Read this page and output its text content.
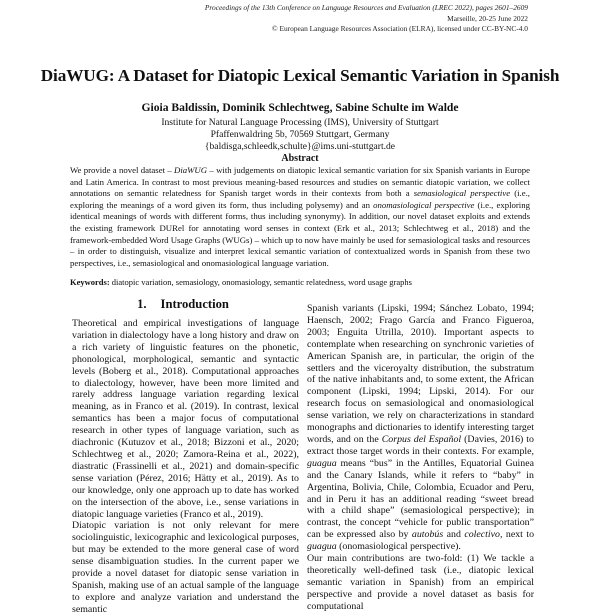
Proceedings of the 13th Conference on Language Resources and Evaluation (LREC 2022), pages 2601–2609
Marseille, 20-25 June 2022
© European Language Resources Association (ELRA), licensed under CC-BY-NC-4.0
DiaWUG: A Dataset for Diatopic Lexical Semantic Variation in Spanish
Gioia Baldissin, Dominik Schlechtweg, Sabine Schulte im Walde
Institute for Natural Language Processing (IMS), University of Stuttgart
Pfaffenwaldring 5b, 70569 Stuttgart, Germany
{baldisga,schleedk,schulte}@ims.uni-stuttgart.de
Abstract
We provide a novel dataset – DiaWUG – with judgements on diatopic lexical semantic variation for six Spanish variants in Europe and Latin America. In contrast to most previous meaning-based resources and studies on semantic diatopic variation, we collect annotations on semantic relatedness for Spanish target words in their contexts from both a semasiological perspective (i.e., exploring the meanings of a word given its form, thus including polysemy) and an onomasiological perspective (i.e., exploring identical meanings of words with different forms, thus including synonymy). In addition, our novel dataset exploits and extends the existing framework DURel for annotating word senses in context (Erk et al., 2013; Schlechtweg et al., 2018) and the framework-embedded Word Usage Graphs (WUGs) – which up to now have mainly be used for semasiological tasks and resources – in order to distinguish, visualize and interpret lexical semantic variation of contextualized words in Spanish from these two perspectives, i.e., semasiological and onomasiological language variation.
Keywords: diatopic variation, semasiology, onomasiology, semantic relatedness, word usage graphs
1. Introduction

Theoretical and empirical investigations of language variation in dialectology have a long history and draw on a rich variety of linguistic features on the phonetic, phonological, morphological, semantic and syntactic levels (Boberg et al., 2018). Computational approaches to dialectology, however, have been more limited and rarely address language variation regarding lexical meaning, as in Franco et al. (2019). In contrast, lexical semantics has been a major focus of computational research in other types of language variation, such as diachronic (Kutuzov et al., 2018; Bizzoni et al., 2020; Schlechtweg et al., 2020; Zamora-Reina et al., 2022), diastratic (Frassinelli et al., 2021) and domain-specific sense variation (Pérez, 2016; Hätty et al., 2019). As to our knowledge, only one approach up to date has worked on the intersection of the above, i.e., sense variations in diatopic language varieties (Franco et al., 2019).

Diatopic variation is not only relevant for mere sociolinguistic, lexicographic and lexicological purposes, but may be extended to the more general case of word sense disambiguation studies. In the current paper we provide a novel dataset for diatopic sense variation in Spanish, making use of an actual sample of the language to explore and analyze variation and understand the semantic

Spanish variants (Lipski, 1994; Sánchez Lobato, 1994; Haensch, 2002; Frago García and Franco Figueroa, 2003; Enguita Utrilla, 2010). Important aspects to contemplate when researching on synchronic varieties of American Spanish are, in particular, the origin of the settlers and the viceroyalty distribution, the substratum of the native inhabitants and, to some extent, the African component (Lipski, 1994; Lipski, 2014). For our research focus on semasiological and onomasiological sense variation, we rely on characterizations in standard monographs and dictionaries to identify interesting target words, and on the Corpus del Español (Davies, 2016) to extract those target words in their contexts. For example, guagua means “bus” in the Antilles, Equatorial Guinea and the Canary Islands, while it refers to “baby” in Argentina, Bolivia, Chile, Colombia, Ecuador and Peru, and in Peru it has an additional reading “sweet bread with a child shape” (semasiological perspective); in contrast, the concept “vehicle for public transportation” can be expressed also by autobús and colectivo, next to guagua (onomasiological perspective).

Our main contributions are two-fold: (1) We tackle a theoretically well-defined task (i.e., diatopic lexical semantic variation in Spanish) from an empirical perspective and provide a novel dataset as basis for computational
